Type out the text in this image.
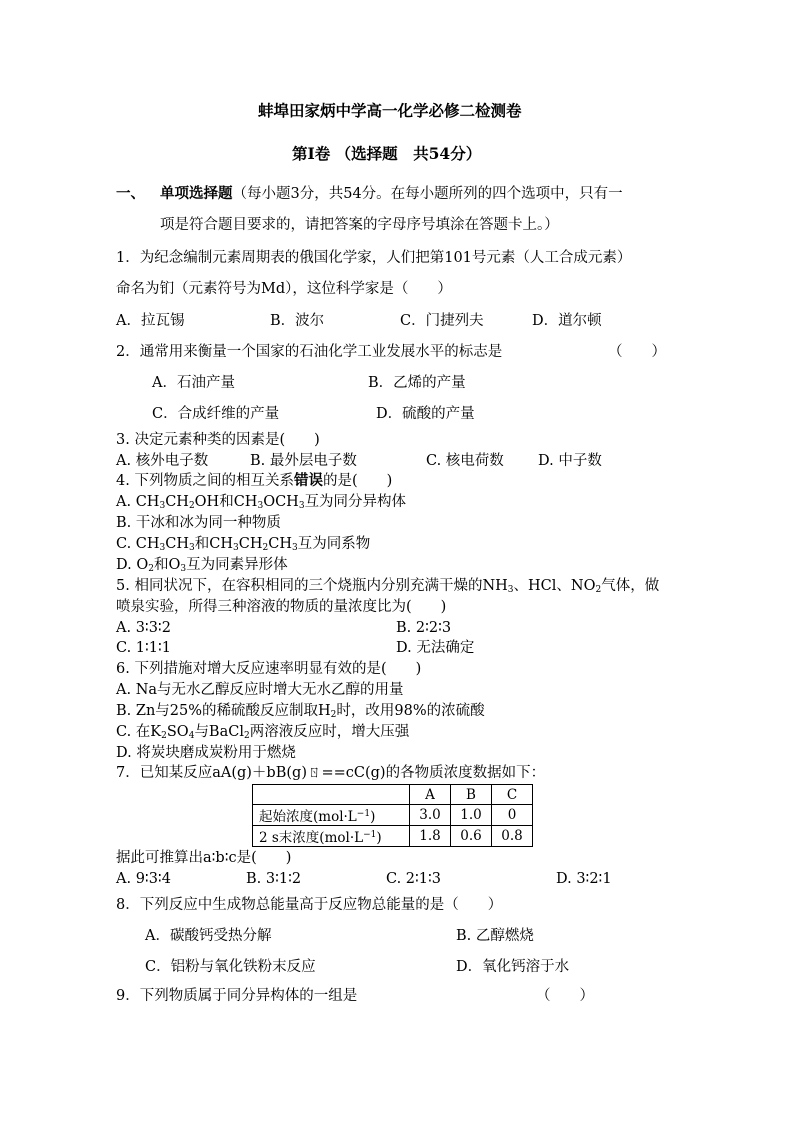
蚌埠田家炳中学高一化学必修二检测卷
第Ⅰ卷 （选择题　共54分）
一、 单项选择题（每小题3分，共54分。在每小题所列的四个选项中，只有一
项是符合题目要求的，请把答案的字母序号填涂在答题卡上。）
1．为纪念编制元素周期表的俄国化学家，人们把第101号元素（人工合成元素）
命名为钔（元素符号为Md），这位科学家是（　　）
A．拉瓦锡	B．波尔	C．门捷列夫	D．道尔顿
2．通常用来衡量一个国家的石油化学工业发展水平的标志是	（　　）
A．石油产量	B．乙烯的产量
C．合成纤维的产量	D．硫酸的产量
3. 决定元素种类的因素是(　　)
A. 核外电子数	B. 最外层电子数	C. 核电荷数 D. 中子数
4. 下列物质之间的相互关系错误的是(　　)
A. $CH_3CH_2OH$和$CH_3OCH_3$互为同分异构体
B. 干冰和冰为同一种物质
C. $CH_3CH_3$和$CH_3CH_2CH_3$互为同系物
D. $O_2$和$O_3$互为同素异形体
5. 相同状况下，在容积相同的三个烧瓶内分别充满干燥的$NH_3$、HCl、$NO_2$气体，做
喷泉实验，所得三种溶液的物质的量浓度比为(　　)
A. 3∶3∶2	B. 2∶2∶3
C. 1∶1∶1	D. 无法确定
6. 下列措施对增大反应速率明显有效的是(　　)
A. Na与无水乙醇反应时增大无水乙醇的用量
B. Zn与25%的稀硫酸反应制取$H_2$时，改用98%的浓硫酸
C. 在$K_2SO_4$与BaCl$_2$两溶液反应时，增大压强
D. 将炭块磨成炭粉用于燃烧
7．已知某反应aA(g)＋bB(g)ㄖ==cC(g)的各物质浓度数据如下：
	A	B	C
起始浓度$(mol\cdot L^{-1})$	3.0	1.0	0
2 s末浓度$(mol\cdot L^{-1})$	1.8	0.6	0.8
据此可推算出a∶b∶c是(　　)
A. 9∶3∶4	B. 3∶1∶2	C. 2∶1∶3	D. 3∶2∶1
8．下列反应中生成物总能量高于反应物总能量的是（　　）
A．碳酸钙受热分解	B. 乙醇燃烧
C．铝粉与氧化铁粉末反应	D．氧化钙溶于水
9．下列物质属于同分异构体的一组是	（　　）
